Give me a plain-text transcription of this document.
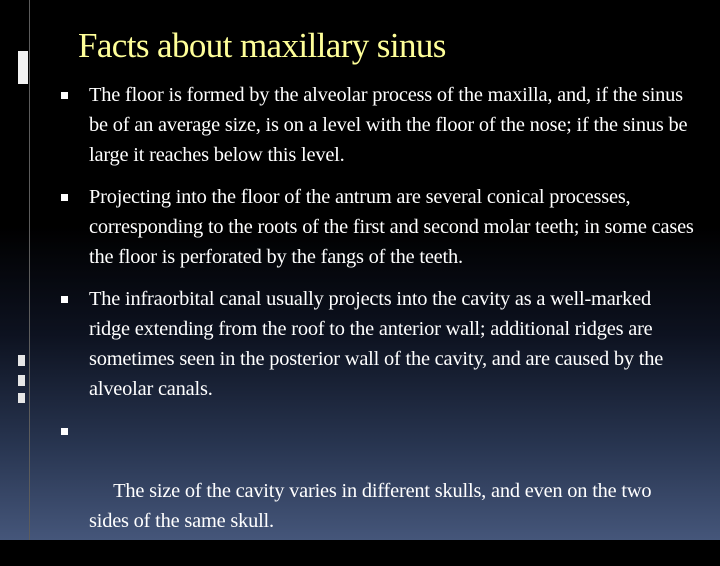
Facts about maxillary sinus
The floor is formed by the alveolar process of the maxilla, and, if the sinus be of an average size, is on a level with the floor of the nose; if the sinus be large it reaches below this level.
Projecting into the floor of the antrum are several conical processes, corresponding to the roots of the first and second molar teeth; in some cases the floor is perforated by the fangs of the teeth.
The infraorbital canal usually projects into the cavity as a well-marked ridge extending from the roof to the anterior wall; additional ridges are sometimes seen in the posterior wall of the cavity, and are caused by the alveolar canals.

The size of the cavity varies in different skulls, and even on the two sides of the same skull.
